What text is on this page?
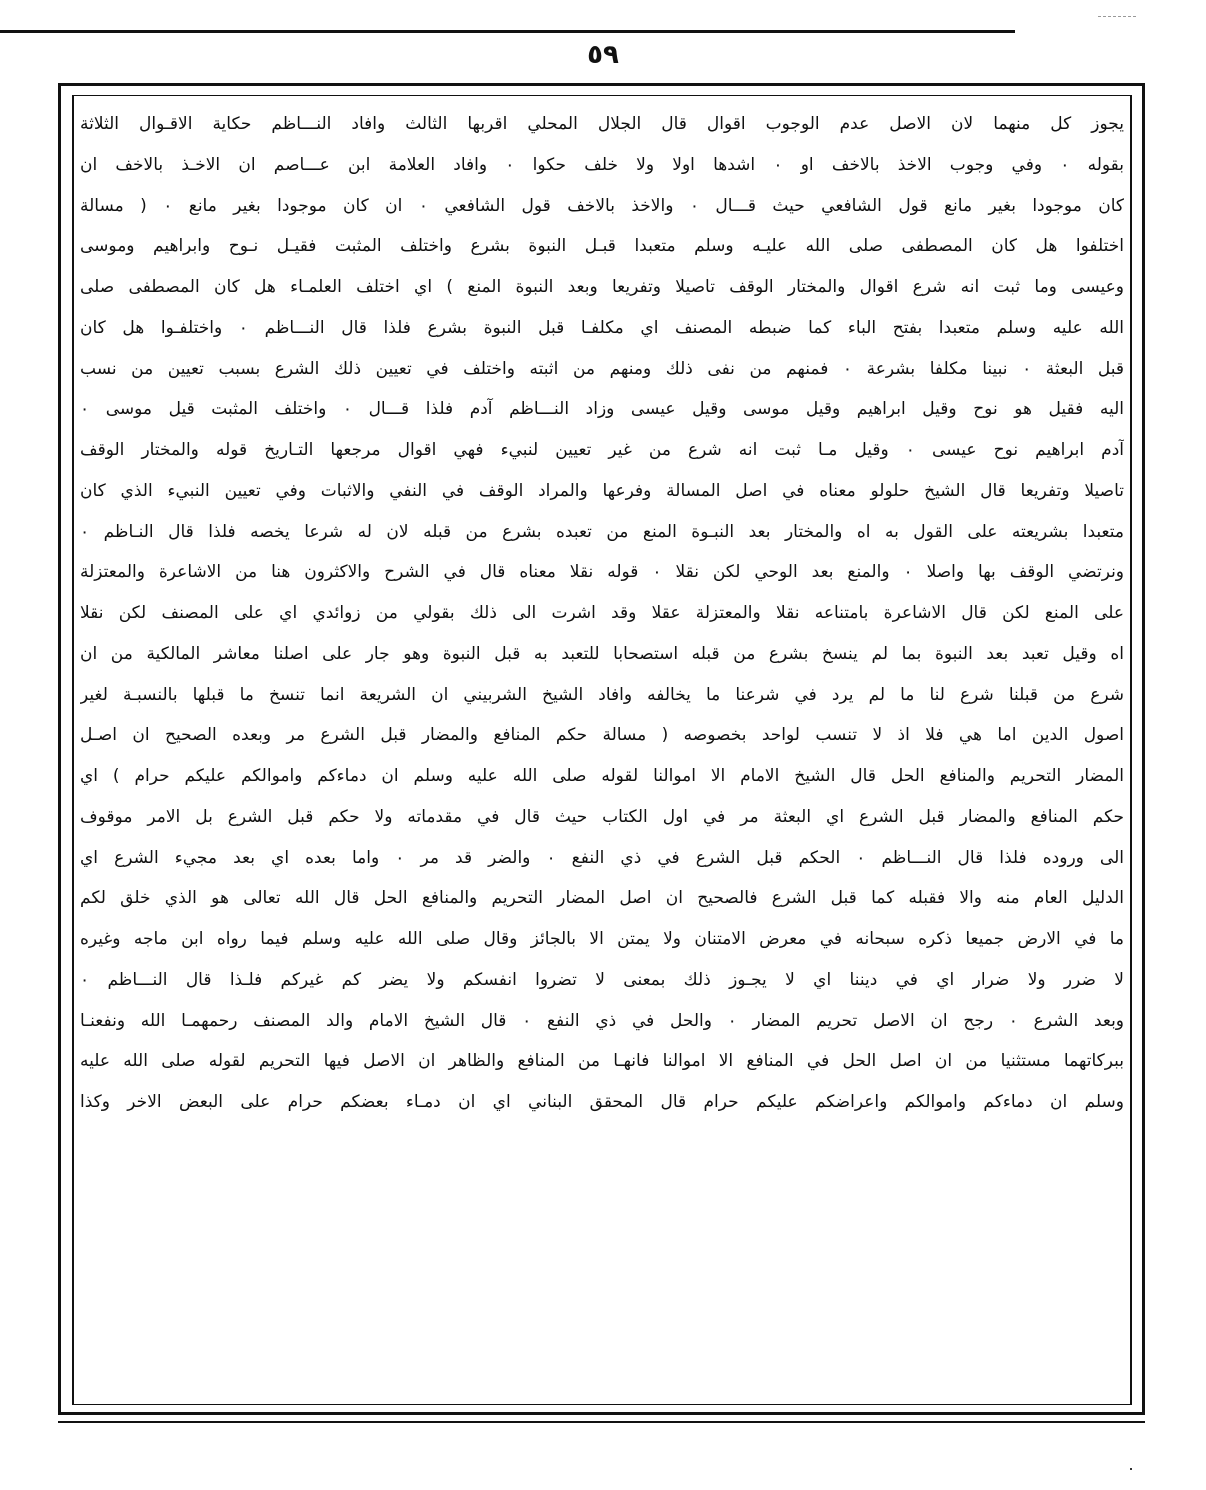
٥٩
يجوز كل منهما لان الاصل عدم الوجوب اقوال قال الجلال المحلي اقربها الثالث وافاد النـــاظم حكاية الاقـوال الثلاثة
بقوله ٠ وفي وجوب الاخذ بالاخف او ٠ اشدها اولا ولا خلف حكوا ٠ وافاد العلامة ابن عـــاصم ان الاخـذ بالاخف ان
كان موجودا بغير مانع قول الشافعي حيث قـــال ٠ والاخذ بالاخف قول الشافعي ٠ ان كان موجودا بغير مانع ٠ ( مسالة
اختلفوا هل كان المصطفى صلى الله عليـه وسلم متعبدا قبـل النبوة بشرع واختلف المثبت فقيـل نـوح وابراهيم وموسى
وعيسى وما ثبت انه شرع اقوال والمختار الوقف تاصيلا وتفريعا وبعد النبوة المنع ) اي اختلف العلمـاء هل كان المصطفى صلى
الله عليه وسلم متعبدا بفتح الباء كما ضبطه المصنف اي مكلفـا قبل النبوة بشرع فلذا قال النـــاظم ٠ واختلفـوا هل كان
قبل البعثة ٠ نبينا مكلفا بشرعة ٠ فمنهم من نفى ذلك ومنهم من اثبته واختلف في تعيين ذلك الشرع بسبب تعيين من نسب
اليه فقيل هو نوح وقيل ابراهيم وقيل موسى وقيل عيسى وزاد النـــاظم آدم فلذا قـــال ٠ واختلف المثبت قيل موسى ٠
آدم ابراهيم نوح عيسى ٠ وقيل مـا ثبت انه شرع من غير تعيين لنبيء فهي اقوال مرجعها التـاريخ قوله والمختار الوقف
تاصيلا وتفريعا قال الشيخ حلولو معناه في اصل المسالة وفرعها والمراد الوقف في النفي والاثبات وفي تعيين النبيء الذي كان
متعبدا بشريعته على القول به اه والمختار بعد النبـوة المنع من تعبده بشرع من قبله لان له شرعا يخصه فلذا قال النـاظم ٠
ونرتضي الوقف بها واصلا ٠ والمنع بعد الوحي لكن نقلا ٠ قوله نقلا معناه قال في الشرح والاكثرون هنا من الاشاعرة والمعتزلة
على المنع لكن قال الاشاعرة بامتناعه نقلا والمعتزلة عقلا وقد اشرت الى ذلك بقولي من زوائدي اي على المصنف لكن نقلا
اه وقيل تعبد بعد النبوة بما لم ينسخ بشرع من قبله استصحابا للتعبد به قبل النبوة وهو جار على اصلنا معاشر المالكية من ان
شرع من قبلنا شرع لنا ما لم يرد في شرعنا ما يخالفه وافاد الشيخ الشربيني ان الشريعة انما تنسخ ما قبلها بالنسبـة لغير
اصول الدين اما هي فلا اذ لا تنسب لواحد بخصوصه ( مسالة حكم المنافع والمضار قبل الشرع مر وبعده الصحيح ان اصـل
المضار التحريم والمنافع الحل قال الشيخ الامام الا اموالنا لقوله صلى الله عليه وسلم ان دماءكم واموالكم عليكم حرام ) اي
حكم المنافع والمضار قبل الشرع اي البعثة مر في اول الكتاب حيث قال في مقدماته ولا حكم قبل الشرع بل الامر موقوف
الى وروده فلذا قال النـــاظم ٠ الحكم قبل الشرع في ذي النفع ٠ والضر قد مر ٠ واما بعده اي بعد مجيء الشرع اي
الدليل العام منه والا فقبله كما قبل الشرع فالصحيح ان اصل المضار التحريم والمنافع الحل قال الله تعالى هو الذي خلق لكم
ما في الارض جميعا ذكره سبحانه في معرض الامتنان ولا يمتن الا بالجائز وقال صلى الله عليه وسلم فيما رواه ابن ماجه وغيره
لا ضرر ولا ضرار اي في ديننا اي لا يجـوز ذلك بمعنى لا تضروا انفسكم ولا يضر كم غيركم فلـذا قال النـــاظم ٠
وبعد الشرع ٠ رجح ان الاصل تحريم المضار ٠ والحل في ذي النفع ٠ قال الشيخ الامام والد المصنف رحمهمـا الله ونفعنـا
ببركاتهما مستثنيا من ان اصل الحل في المنافع الا اموالنا فانهـا من المنافع والظاهر ان الاصل فيها التحريم لقوله صلى الله عليه
وسلم ان دماءكم واموالكم واعراضكم عليكم حرام قال المحقق البناني اي ان دمـاء بعضكم حرام على البعض الاخر وكذا
